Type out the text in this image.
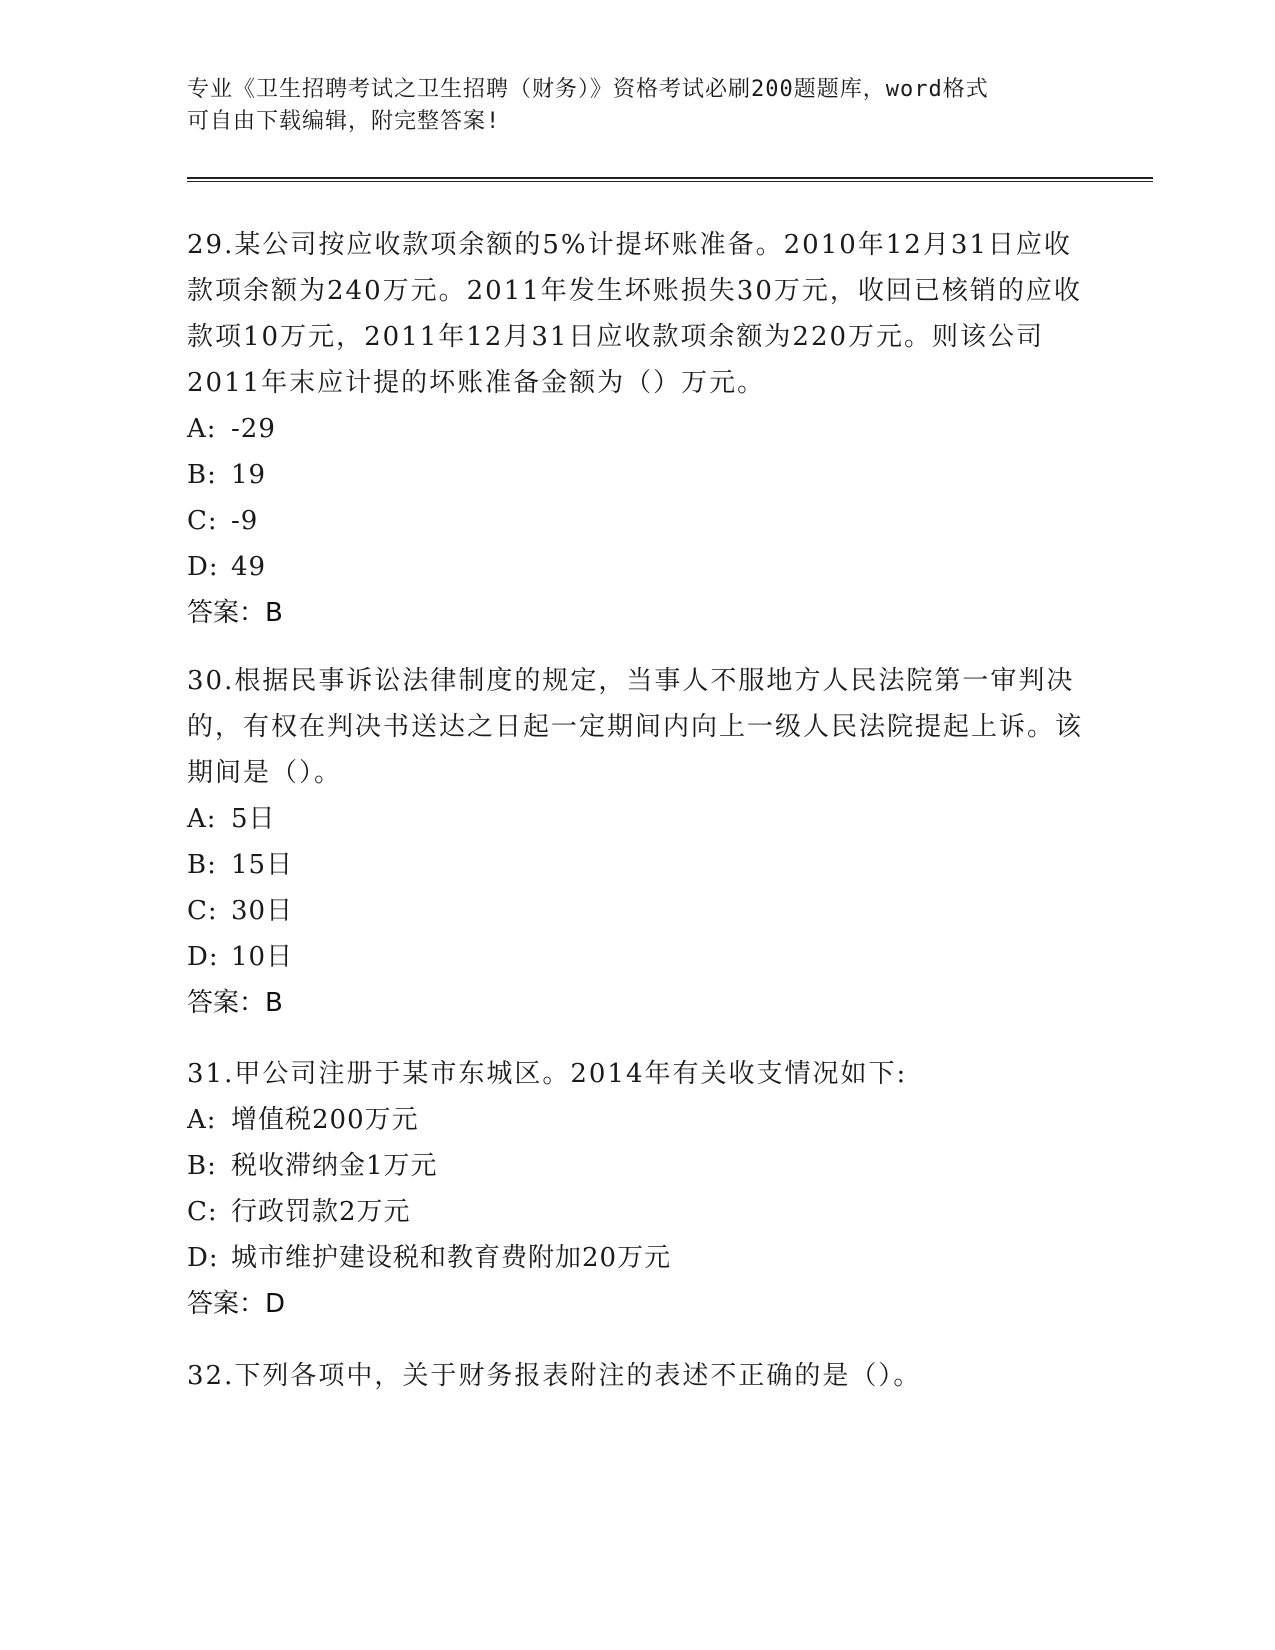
专业《卫生招聘考试之卫生招聘（财务）》资格考试必刷200题题库，word格式
可自由下载编辑，附完整答案!

29.某公司按应收款项余额的5%计提坏账准备。2010年12月31日应收款项余额为240万元。2011年发生坏账损失30万元，收回已核销的应收款项10万元，2011年12月31日应收款项余额为220万元。则该公司2011年末应计提的坏账准备金额为（）万元。

A: -29

B: 19

C: -9

D: 49

答案：B

30.根据民事诉讼法律制度的规定，当事人不服地方人民法院第一审判决的，有权在判决书送达之日起一定期间内向上一级人民法院提起上诉。该期间是（）。

A: 5日

B: 15日

C: 30日

D: 10日

答案：B

31.甲公司注册于某市东城区。2014年有关收支情况如下:

A: 增值税200万元

B: 税收滞纳金1万元

C: 行政罚款2万元

D: 城市维护建设税和教育费附加20万元

答案：D

32.下列各项中，关于财务报表附注的表述不正确的是（）。
